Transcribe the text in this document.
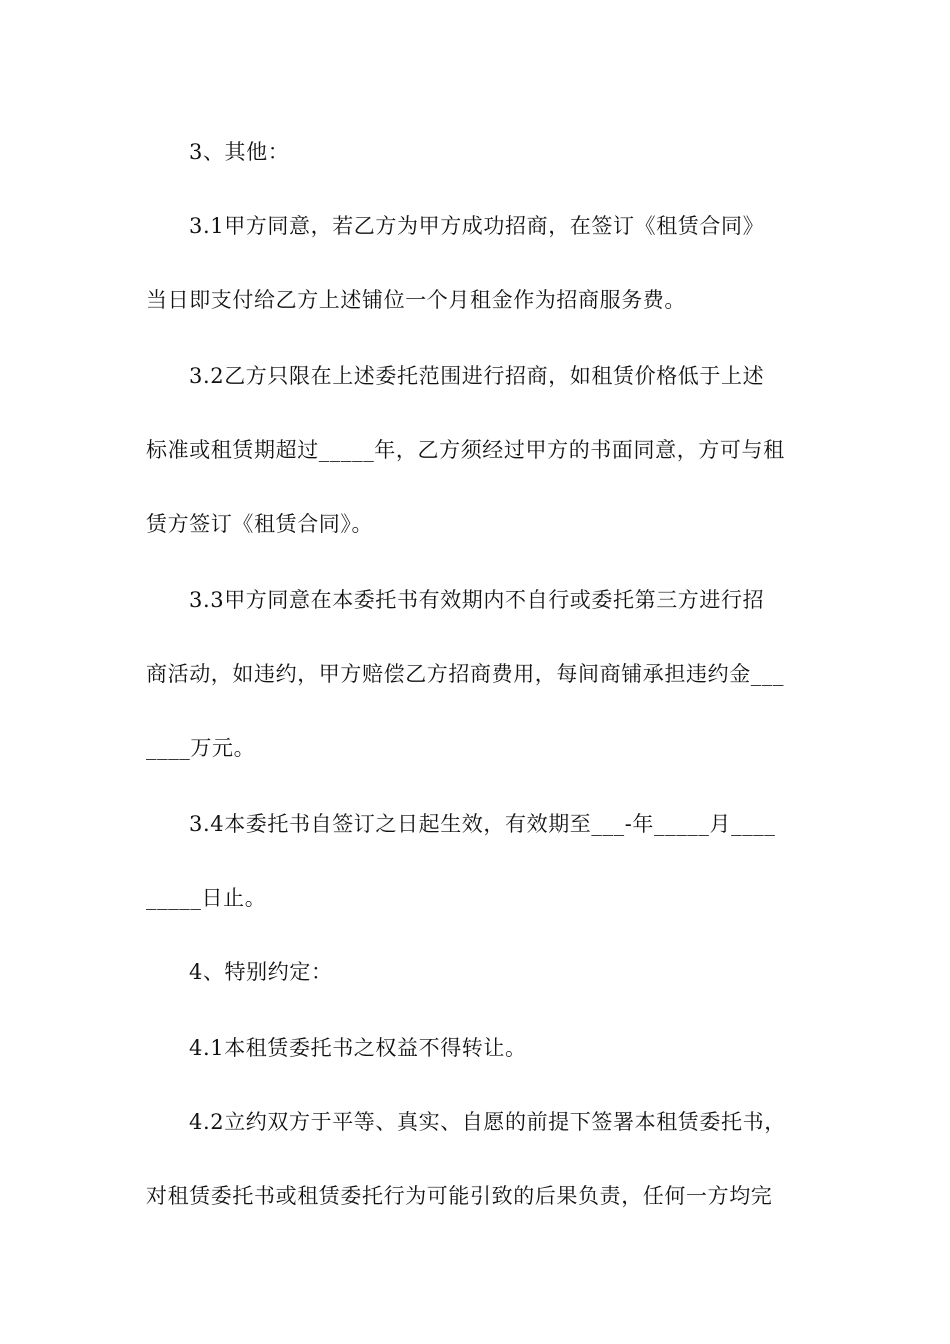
3、其他：
3.1甲方同意，若乙方为甲方成功招商，在签订《租赁合同》
当日即支付给乙方上述铺位一个月租金作为招商服务费。
3.2乙方只限在上述委托范围进行招商，如租赁价格低于上述
标准或租赁期超过_____年，乙方须经过甲方的书面同意，方可与租
赁方签订《租赁合同》。
3.3甲方同意在本委托书有效期内不自行或委托第三方进行招
商活动，如违约，甲方赔偿乙方招商费用，每间商铺承担违约金___
____万元。
3.4本委托书自签订之日起生效，有效期至___-年_____月____
_____日止。
4、特别约定：
4.1本租赁委托书之权益不得转让。
4.2立约双方于平等、真实、自愿的前提下签署本租赁委托书，
对租赁委托书或租赁委托行为可能引致的后果负责，任何一方均完
